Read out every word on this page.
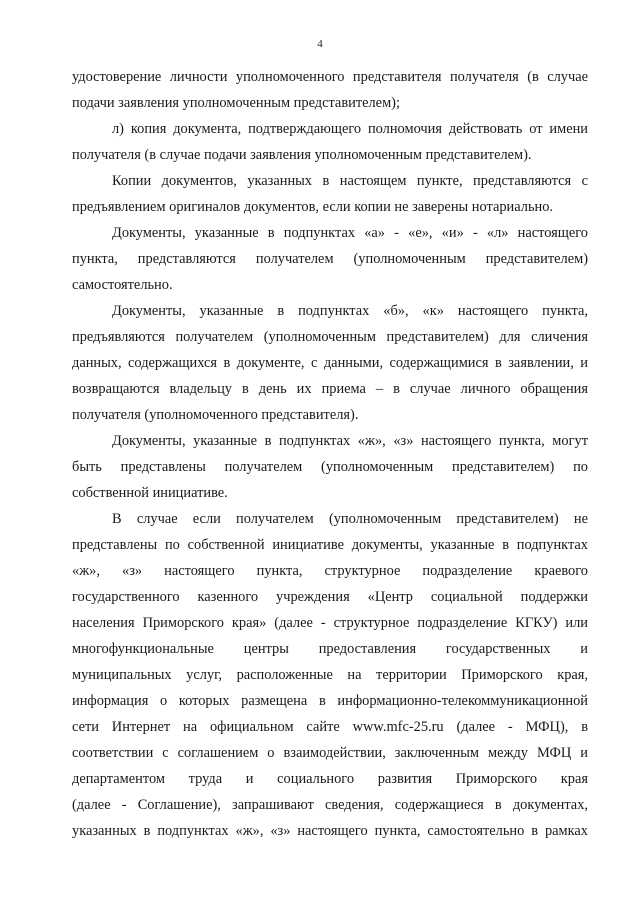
4

удостоверение личности уполномоченного представителя получателя (в случае
подачи заявления уполномоченным представителем);

л) копия документа, подтверждающего полномочия действовать от имени
получателя (в случае подачи заявления уполномоченным представителем).

Копии документов, указанных в настоящем пункте, представляются с
предъявлением оригиналов документов, если копии не заверены нотариально.

Документы, указанные в подпунктах «а» - «е», «и» - «л» настоящего
пункта, представляются получателем (уполномоченным представителем)
самостоятельно.

Документы, указанные в подпунктах «б», «к» настоящего пункта,
предъявляются получателем (уполномоченным представителем) для сличения
данных, содержащихся в документе, с данными, содержащимися в заявлении, и
возвращаются владельцу в день их приема – в случае личного обращения
получателя (уполномоченного представителя).

Документы, указанные в подпунктах «ж», «з» настоящего пункта, могут
быть представлены получателем (уполномоченным представителем) по
собственной инициативе.

В случае если получателем (уполномоченным представителем) не
представлены по собственной инициативе документы, указанные в подпунктах
«ж», «з» настоящего пункта, структурное подразделение краевого
государственного казенного учреждения «Центр социальной поддержки
населения Приморского края» (далее - структурное подразделение КГКУ) или
многофункциональные центры предоставления государственных и
муниципальных услуг, расположенные на территории Приморского края,
информация о которых размещена в информационно-телекоммуникационной
сети Интернет на официальном сайте www.mfc-25.ru (далее - МФЦ), в
соответствии с соглашением о взаимодействии, заключенным между МФЦ и
департаментом труда и социального развития Приморского края
(далее - Соглашение), запрашивают сведения, содержащиеся в документах,
указанных в подпунктах «ж», «з» настоящего пункта, самостоятельно в рамках
